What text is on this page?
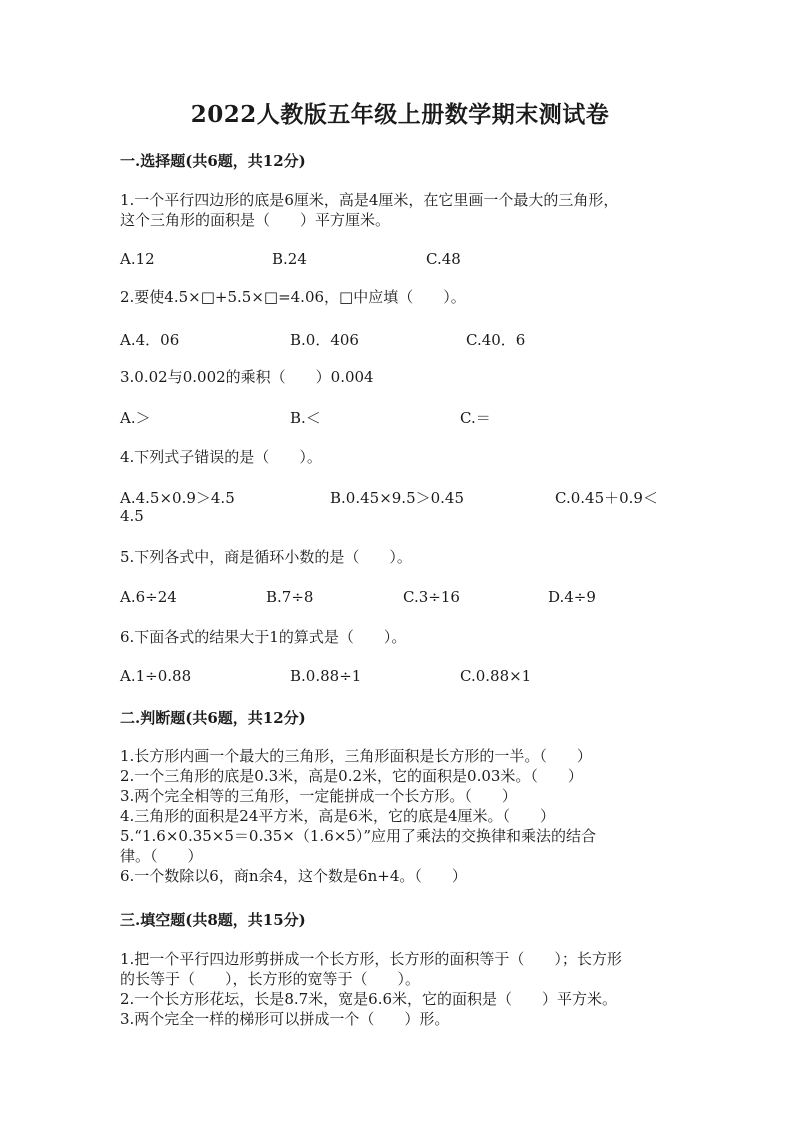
2022人教版五年级上册数学期末测试卷
一.选择题(共6题，共12分)
1.一个平行四边形的底是6厘米，高是4厘米，在它里画一个最大的三角形，
这个三角形的面积是（　　）平方厘米。
A.12	B.24	C.48
2.要使4.5×□+5.5×□=4.06，□中应填（　　）。
A.4．06	B.0．406	C.40．6
3.0.02与0.002的乘积（　　）0.004
A.＞	B.＜	C.＝
4.下列式子错误的是（　　）。
A.4.5×0.9＞4.5	B.0.45×9.5＞0.45	C.0.45＋0.9＜
4.5
5.下列各式中，商是循环小数的是（　　）。
A.6÷24	B.7÷8	C.3÷16	D.4÷9
6.下面各式的结果大于1的算式是（　　）。
A.1÷0.88	B.0.88÷1	C.0.88×1
二.判断题(共6题，共12分)
1.长方形内画一个最大的三角形，三角形面积是长方形的一半。（　　）
2.一个三角形的底是0.3米，高是0.2米，它的面积是0.03米。（　　）
3.两个完全相等的三角形，一定能拼成一个长方形。（　　）
4.三角形的面积是24平方米，高是6米，它的底是4厘米。（　　）
5.“1.6×0.35×5＝0.35×（1.6×5）”应用了乘法的交换律和乘法的结合
律。（　　）
6.一个数除以6，商n余4，这个数是6n+4。（　　）
三.填空题(共8题，共15分)
1.把一个平行四边形剪拼成一个长方形，长方形的面积等于（　　）；长方形
的长等于（　　），长方形的宽等于（　　）。
2.一个长方形花坛，长是8.7米，宽是6.6米，它的面积是（　　）平方米。
3.两个完全一样的梯形可以拼成一个（　　）形。
